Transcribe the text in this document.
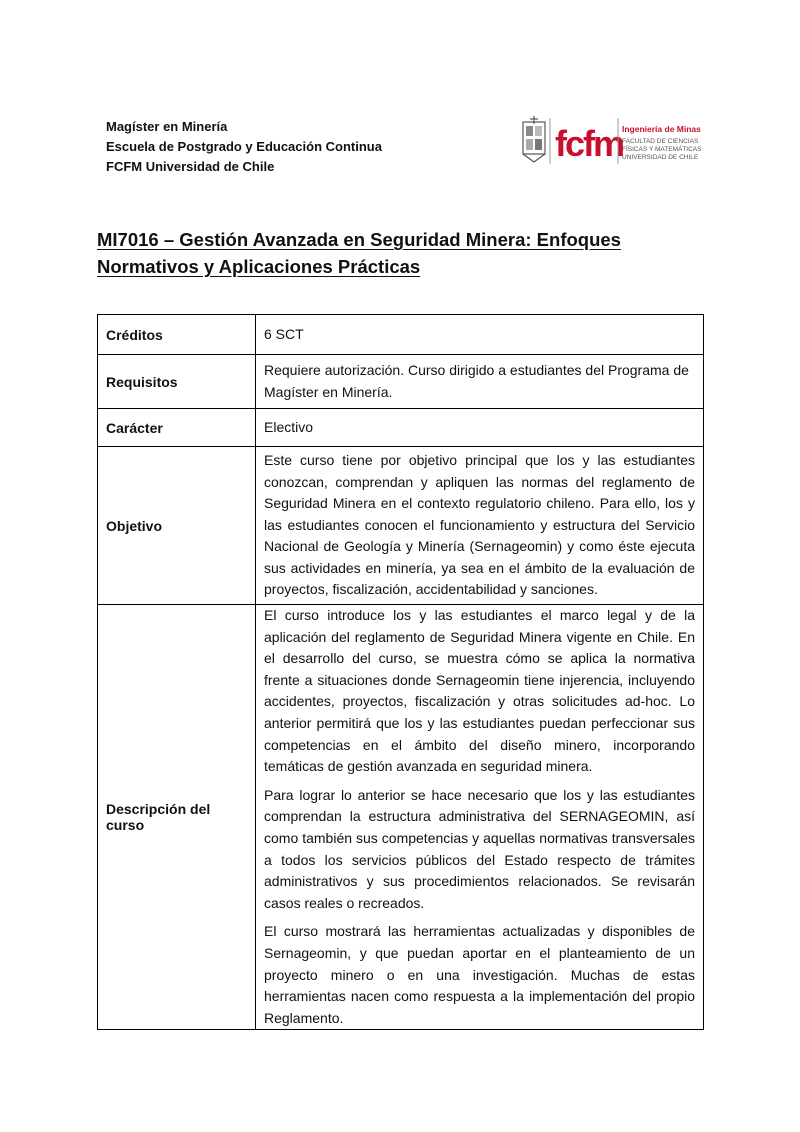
Magíster en Minería
Escuela de Postgrado y Educación Continua
FCFM Universidad de Chile
fcfm
Ingeniería de Minas
FACULTAD DE CIENCIAS
FÍSICAS Y MATEMÁTICAS
UNIVERSIDAD DE CHILE
MI7016 – Gestión Avanzada en Seguridad Minera: Enfoques
Normativos y Aplicaciones Prácticas
Créditos	6 SCT
Requisitos	Requiere autorización. Curso dirigido a estudiantes del Programa de Magíster en Minería.
Carácter	Electivo
Objetivo	Este curso tiene por objetivo principal que los y las estudiantes conozcan, comprendan y apliquen las normas del reglamento de Seguridad Minera en el contexto regulatorio chileno. Para ello, los y las estudiantes conocen el funcionamiento y estructura del Servicio Nacional de Geología y Minería (Sernageomin) y como éste ejecuta sus actividades en minería, ya sea en el ámbito de la evaluación de proyectos, fiscalización, accidentabilidad y sanciones.

Descripción del curso	El curso introduce los y las estudiantes el marco legal y de la aplicación del reglamento de Seguridad Minera vigente en Chile. En el desarrollo del curso, se muestra cómo se aplica la normativa frente a situaciones donde Sernageomin tiene injerencia, incluyendo accidentes, proyectos, fiscalización y otras solicitudes ad-hoc. Lo anterior permitirá que los y las estudiantes puedan perfeccionar sus competencias en el ámbito del diseño minero, incorporando temáticas de gestión avanzada en seguridad minera.

Para lograr lo anterior se hace necesario que los y las estudiantes comprendan la estructura administrativa del SERNAGEOMIN, así como también sus competencias y aquellas normativas transversales a todos los servicios públicos del Estado respecto de trámites administrativos y sus procedimientos relacionados. Se revisarán casos reales o recreados.

El curso mostrará las herramientas actualizadas y disponibles de Sernageomin, y que puedan aportar en el planteamiento de un proyecto minero o en una investigación. Muchas de estas herramientas nacen como respuesta a la implementación del propio Reglamento.
